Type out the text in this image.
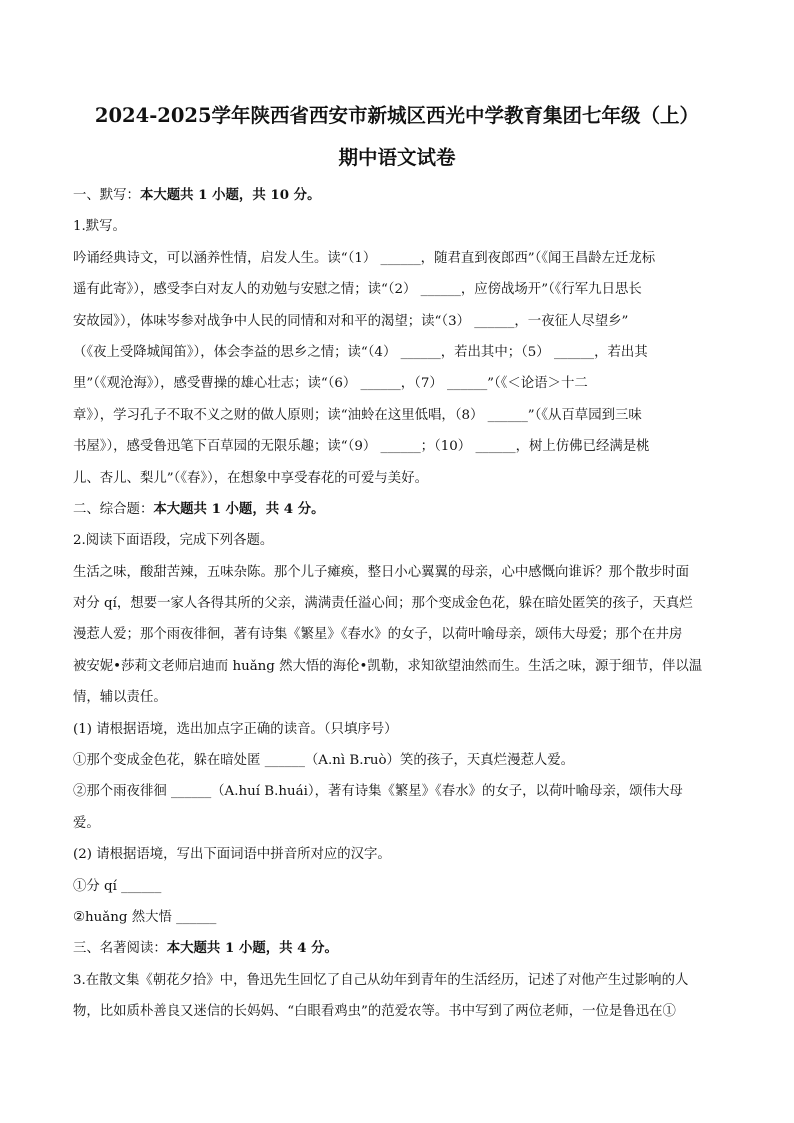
2024-2025学年陕西省西安市新城区西光中学教育集团七年级（上）
期中语文试卷
一、默写：本大题共 1 小题，共 10 分。
1.默写。
吟诵经典诗文，可以涵养性情，启发人生。读“（1） ______，随君直到夜郎西”（《闻王昌龄左迁龙标
遥有此寄》），感受李白对友人的劝勉与安慰之情；读“（2） ______，应傍战场开”（《行军九日思长
安故园》），体味岑参对战争中人民的同情和对和平的渴望；读“（3） ______，一夜征人尽望乡”
（《夜上受降城闻笛》），体会李益的思乡之情；读“（4） ______，若出其中；（5） ______，若出其
里”（《观沧海》），感受曹操的雄心壮志；读“（6） ______，（7） ______”（《＜论语＞十二
章》），学习孔子不取不义之财的做人原则；读“油蛉在这里低唱，（8） ______”（《从百草园到三味
书屋》），感受鲁迅笔下百草园的无限乐趣；读“（9） ______；（10） ______，树上仿佛已经满是桃
儿、杏儿、梨儿”（《春》），在想象中享受春花的可爱与美好。
二、综合题：本大题共 1 小题，共 4 分。
2.阅读下面语段，完成下列各题。
生活之味，酸甜苦辣，五味杂陈。那个儿子瘫痪，整日小心翼翼的母亲，心中感慨向谁诉？那个散步时面
对分 qí，想要一家人各得其所的父亲，满满责任溢心间；那个变成金色花，躲在暗处匿笑的孩子，天真烂
漫惹人爱；那个雨夜徘徊，著有诗集《繁星》《春水》的女子，以荷叶喻母亲，颂伟大母爱；那个在井房
被安妮•莎莉文老师启迪而 huǎng 然大悟的海伦•凯勒，求知欲望油然而生。生活之味，源于细节，伴以温
情，辅以责任。
(1) 请根据语境，选出加点字正确的读音。（只填序号）
①那个变成金色花，躲在暗处匿 ______（A.nì B.ruò）笑的孩子，天真烂漫惹人爱。
②那个雨夜徘徊 ______（A.huí B.huái），著有诗集《繁星》《春水》的女子，以荷叶喻母亲，颂伟大母
爱。
(2) 请根据语境，写出下面词语中拼音所对应的汉字。
①分 qí ______
②huǎng 然大悟 ______
三、名著阅读：本大题共 1 小题，共 4 分。
3.在散文集《朝花夕拾》中，鲁迅先生回忆了自己从幼年到青年的生活经历，记述了对他产生过影响的人
物，比如质朴善良又迷信的长妈妈、“白眼看鸡虫”的范爱农等。书中写到了两位老师，一位是鲁迅在①
